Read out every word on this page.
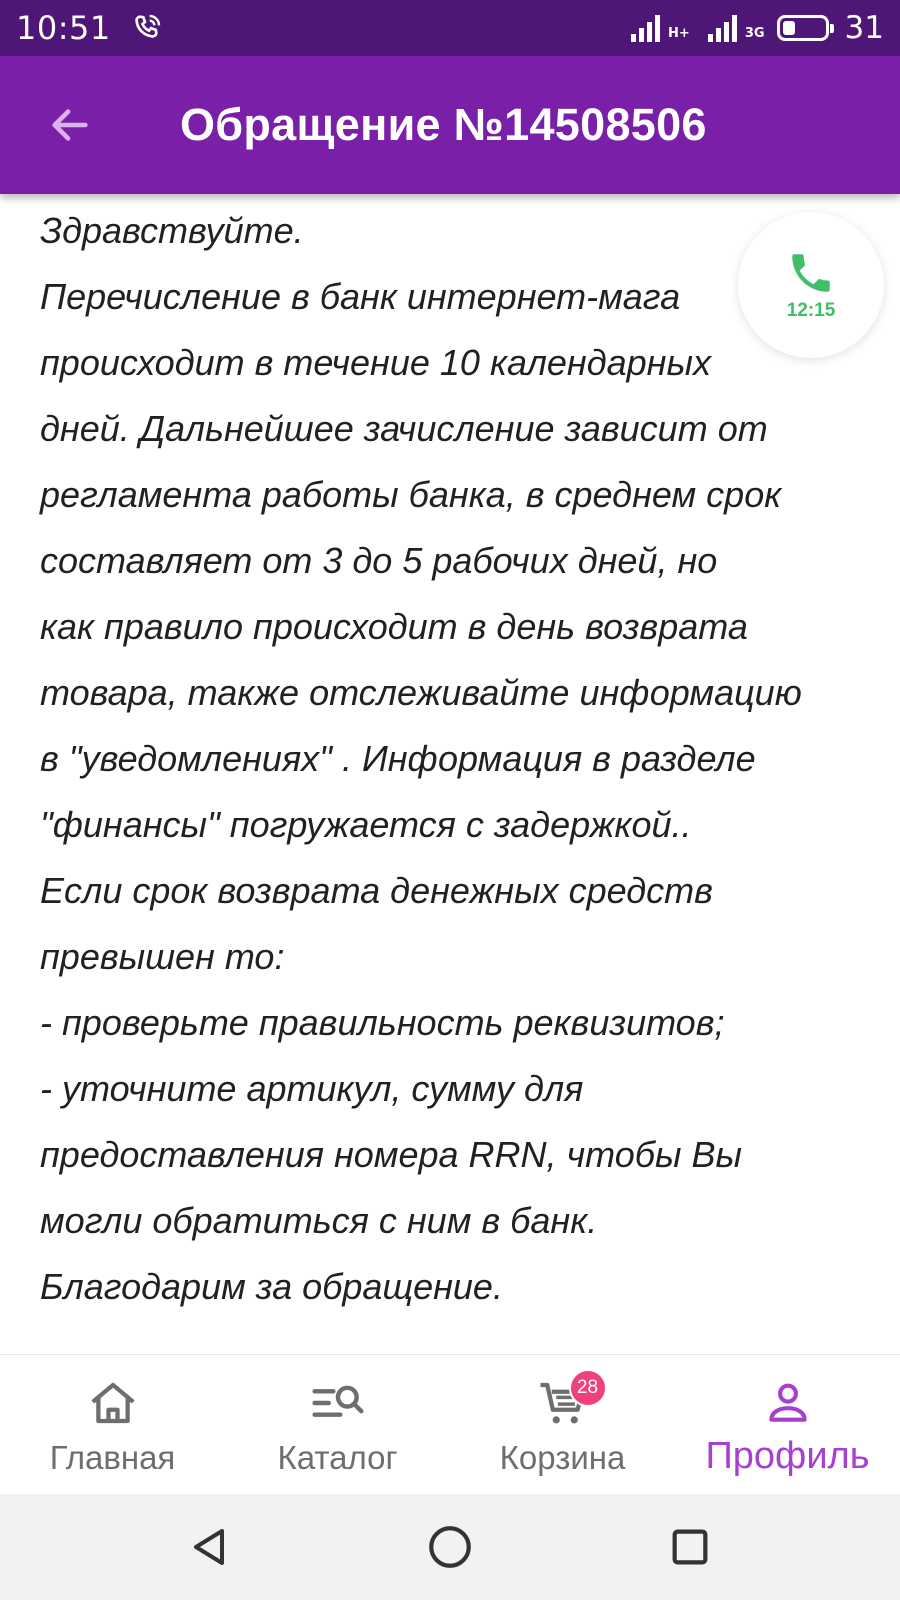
10:51	H+	3G	31
Обращение №14508506

Здравствуйте.

Перечисление в банк интернет-мага

происходит в течение 10 календарных

дней. Дальнейшее зачисление зависит от

регламента работы банка, в среднем срок

составляет от 3 до 5 рабочих дней, но

как правило происходит в день возврата

товара, также отслеживайте информацию

в "уведомлениях" . Информация в разделе

"финансы" погружается с задержкой..

Если срок возврата денежных средств

превышен то:

- проверьте правильность реквизитов;

- уточните артикул, сумму для

предоставления номера RRN, чтобы Вы

могли обратиться с ним в банк.

Благодарим за обращение.

12:15
Главная	Каталог
28
Корзина Профиль
